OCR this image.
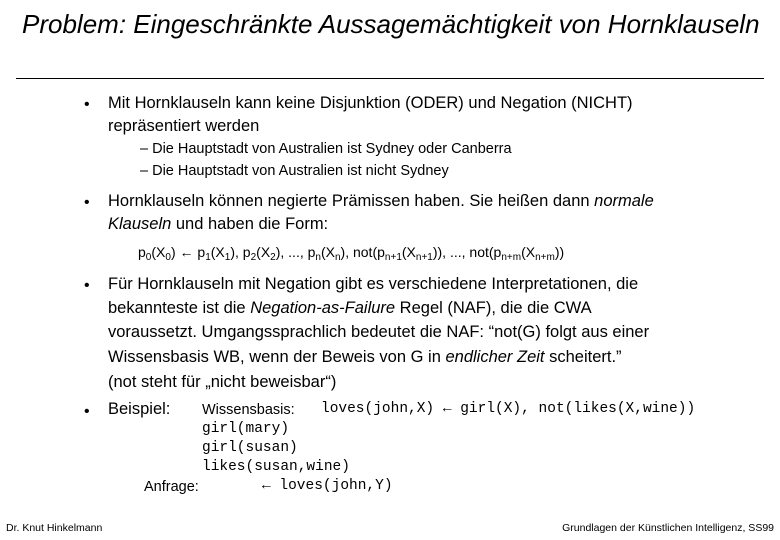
Problem: Eingeschränkte Aussagemächtigkeit von Hornklauseln
• Mit Hornklauseln kann keine Disjunktion (ODER) und Negation (NICHT)
repräsentiert werden
– Die Hauptstadt von Australien ist Sydney oder Canberra
– Die Hauptstadt von Australien ist nicht Sydney
• Hornklauseln können negierte Prämissen haben. Sie heißen dann normale
Klauseln und haben die Form:
$p_0(X_0)$ ← $p_1(X_1)$, $p_2(X_2)$, ..., $p_n(X_n)$, $not(p_{n+1}(X_{n+1}))$, ..., $not(p_{n+m}(X_{n+m}))$
• Für Hornklauseln mit Negation gibt es verschiedene Interpretationen, die
bekannteste ist die Negation-as-Failure Regel (NAF), die die CWA
voraussetzt. Umgangssprachlich bedeutet die NAF: “not(G) folgt aus einer
Wissensbasis WB, wenn der Beweis von G in endlicher Zeit scheitert.”
(not steht für „nicht beweisbar“)
• Beispiel: Wissensbasis: loves(john,X) ← girl(X), not(likes(X,wine))
girl(mary)
girl(susan)
likes(susan,wine)
Anfrage:	← loves(john,Y)
Dr. Knut Hinkelmann	Grundlagen der Künstlichen Intelligenz, SS99
